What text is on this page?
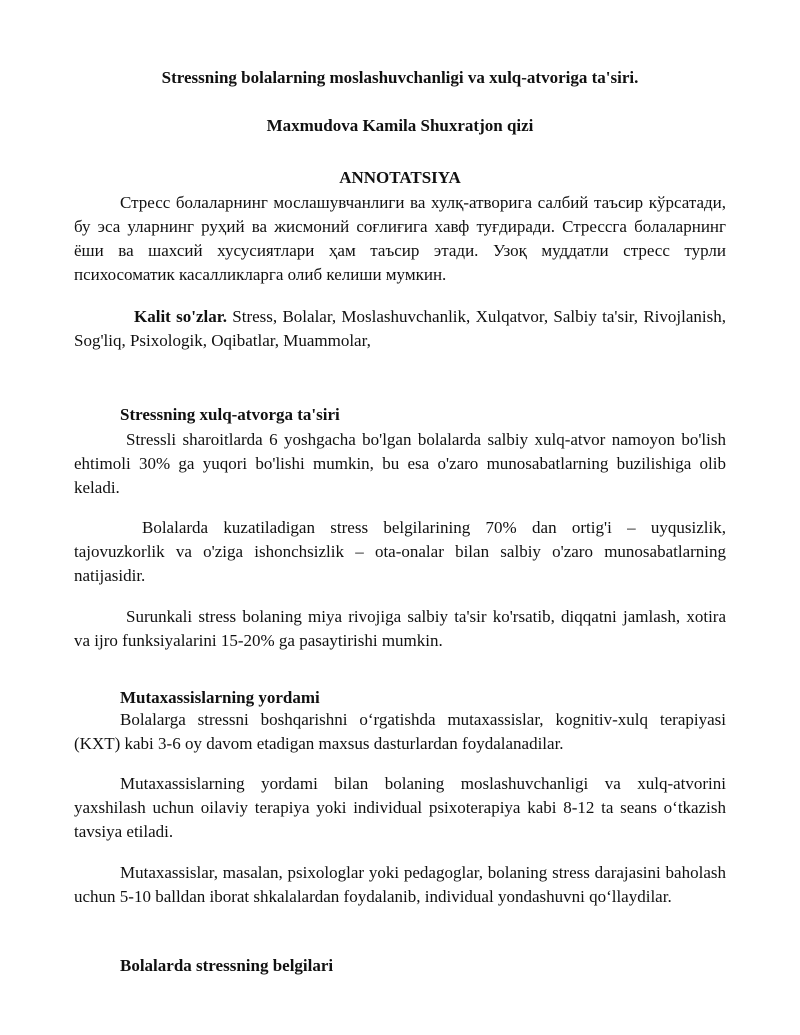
Stressning bolalarning moslashuvchanligi va xulq-atvoriga ta'siri.
Maxmudova Kamila Shuxratjon qizi
ANNOTATSIYA
Стресс болаларнинг мослашувчанлиги ва хулқ-атворига салбий таъсир кўрсатади, бу эса уларнинг руҳий ва жисмоний соғлиғига хавф туғдиради. Стрессга болаларнинг ёши ва шахсий хусусиятлари ҳам таъсир этади. Узоқ муддатли стресс турли психосоматик касалликларга олиб келиши мумкин.
Kalit so'zlar. Stress, Bolalar, Moslashuvchanlik, Xulqatvor, Salbiy ta'sir, Rivojlanish, Sog'liq, Psixologik, Oqibatlar, Muammolar,
Stressning xulq-atvorga ta'siri
Stressli sharoitlarda 6 yoshgacha bo'lgan bolalarda salbiy xulq-atvor namoyon bo'lish ehtimoli 30% ga yuqori bo'lishi mumkin, bu esa o'zaro munosabatlarning buzilishiga olib keladi.
Bolalarda kuzatiladigan stress belgilarining 70% dan ortig'i – uyqusizlik, tajovuzkorlik va o'ziga ishonchsizlik – ota-onalar bilan salbiy o'zaro munosabatlarning natijasidir.
Surunkali stress bolaning miya rivojiga salbiy ta'sir ko'rsatib, diqqatni jamlash, xotira va ijro funksiyalarini 15-20% ga pasaytirishi mumkin.
Mutaxassislarning yordami
Bolalarga stressni boshqarishni oʻrgatishda mutaxassislar, kognitiv-xulq terapiyasi (KXT) kabi 3-6 oy davom etadigan maxsus dasturlardan foydalanadilar.
Mutaxassislarning yordami bilan bolaning moslashuvchanligi va xulq-atvorini yaxshilash uchun oilaviy terapiya yoki individual psixoterapiya kabi 8-12 ta seans oʻtkazish tavsiya etiladi.
Mutaxassislar, masalan, psixologlar yoki pedagoglar, bolaning stress darajasini baholash uchun 5-10 balldan iborat shkalalardan foydalanib, individual yondashuvni qoʻllaydilar.
Bolalarda stressning belgilari
